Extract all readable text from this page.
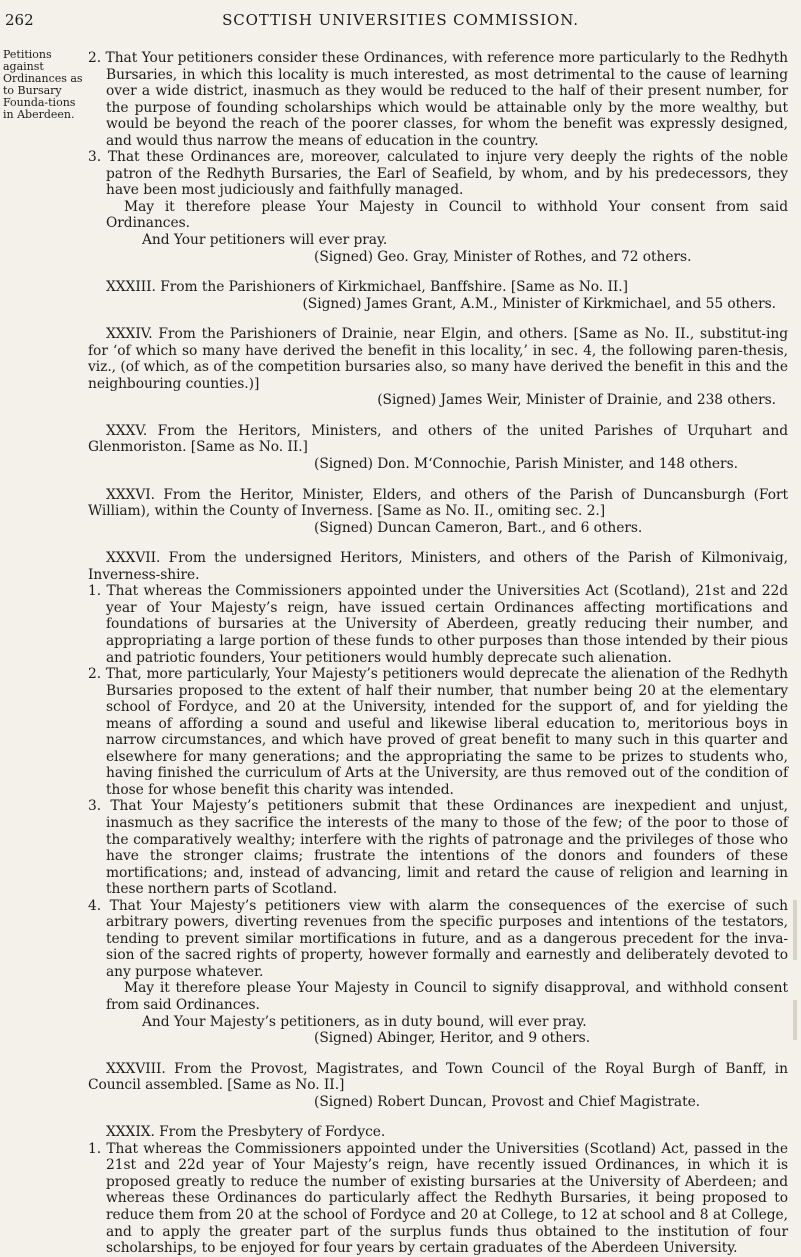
262	SCOTTISH UNIVERSITIES COMMISSION.
Petitions against Ordinances as to Bursary Founda-tions in Aberdeen.

2. That Your petitioners consider these Ordinances, with reference more particularly to the Redhyth Bursaries, in which this locality is much interested, as most detrimental to the cause of learning over a wide district, inasmuch as they would be reduced to the half of their present number, for the purpose of founding scholarships which would be attainable only by the more wealthy, but would be beyond the reach of the poorer classes, for whom the benefit was expressly designed, and would thus narrow the means of education in the country.

3. That these Ordinances are, moreover, calculated to injure very deeply the rights of the noble patron of the Redhyth Bursaries, the Earl of Seafield, by whom, and by his predecessors, they have been most judiciously and faithfully managed.

May it therefore please Your Majesty in Council to withhold Your consent from said Ordinances.

And Your petitioners will ever pray.

(Signed) Geo. Gray, Minister of Rothes, and 72 others.

XXXIII. From the Parishioners of Kirkmichael, Banffshire. [Same as No. II.]

(Signed) James Grant, A.M., Minister of Kirkmichael, and 55 others.

XXXIV. From the Parishioners of Drainie, near Elgin, and others. [Same as No. II., substitut-ing for ‘of which so many have derived the benefit in this locality,’ in sec. 4, the following paren-thesis, viz., (of which, as of the competition bursaries also, so many have derived the benefit in this and the neighbouring counties.)]

(Signed) James Weir, Minister of Drainie, and 238 others.

XXXV. From the Heritors, Ministers, and others of the united Parishes of Urquhart and Glenmoriston. [Same as No. II.]

(Signed) Don. M‘Connochie, Parish Minister, and 148 others.

XXXVI. From the Heritor, Minister, Elders, and others of the Parish of Duncansburgh (Fort William), within the County of Inverness. [Same as No. II., omiting sec. 2.]

(Signed) Duncan Cameron, Bart., and 6 others.

XXXVII. From the undersigned Heritors, Ministers, and others of the Parish of Kilmonivaig, Inverness-shire.

1. That whereas the Commissioners appointed under the Universities Act (Scotland), 21st and 22d year of Your Majesty’s reign, have issued certain Ordinances affecting mortifications and foundations of bursaries at the University of Aberdeen, greatly reducing their number, and appropriating a large portion of these funds to other purposes than those intended by their pious and patriotic founders, Your petitioners would humbly deprecate such alienation.

2. That, more particularly, Your Majesty’s petitioners would deprecate the alienation of the Redhyth Bursaries proposed to the extent of half their number, that number being 20 at the elementary school of Fordyce, and 20 at the University, intended for the support of, and for yielding the means of affording a sound and useful and likewise liberal education to, meritorious boys in narrow circumstances, and which have proved of great benefit to many such in this quarter and elsewhere for many generations; and the appropriating the same to be prizes to students who, having finished the curriculum of Arts at the University, are thus removed out of the condition of those for whose benefit this charity was intended.

3. That Your Majesty’s petitioners submit that these Ordinances are inexpedient and unjust, inasmuch as they sacrifice the interests of the many to those of the few; of the poor to those of the comparatively wealthy; interfere with the rights of patronage and the privileges of those who have the stronger claims; frustrate the intentions of the donors and founders of these mortifications; and, instead of advancing, limit and retard the cause of religion and learning in these northern parts of Scotland.

4. That Your Majesty’s petitioners view with alarm the consequences of the exercise of such arbitrary powers, diverting revenues from the specific purposes and intentions of the testators, tending to prevent similar mortifications in future, and as a dangerous precedent for the inva-sion of the sacred rights of property, however formally and earnestly and deliberately devoted to any purpose whatever.

May it therefore please Your Majesty in Council to signify disapproval, and withhold consent from said Ordinances.

And Your Majesty’s petitioners, as in duty bound, will ever pray.

(Signed) Abinger, Heritor, and 9 others.

XXXVIII. From the Provost, Magistrates, and Town Council of the Royal Burgh of Banff, in Council assembled. [Same as No. II.]

(Signed) Robert Duncan, Provost and Chief Magistrate.

XXXIX. From the Presbytery of Fordyce.

1. That whereas the Commissioners appointed under the Universities (Scotland) Act, passed in the 21st and 22d year of Your Majesty’s reign, have recently issued Ordinances, in which it is proposed greatly to reduce the number of existing bursaries at the University of Aberdeen; and whereas these Ordinances do particularly affect the Redhyth Bursaries, it being proposed to reduce them from 20 at the school of Fordyce and 20 at College, to 12 at school and 8 at College, and to apply the greater part of the surplus funds thus obtained to the institution of four scholarships, to be enjoyed for four years by certain graduates of the Aberdeen University.
